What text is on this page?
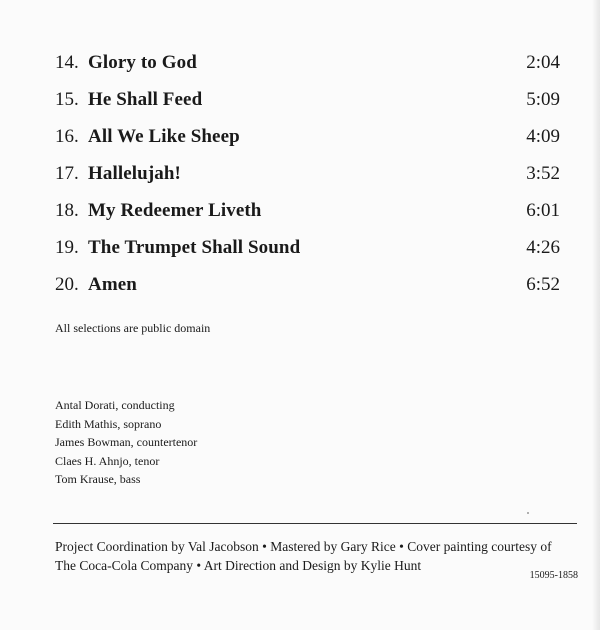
14. Glory to God	2:04
15. He Shall Feed	5:09
16. All We Like Sheep	4:09
17. Hallelujah!	3:52
18. My Redeemer Liveth	6:01
19. The Trumpet Shall Sound	4:26
20. Amen	6:52
All selections are public domain
Antal Dorati, conducting
Edith Mathis, soprano
James Bowman, countertenor
Claes H. Ahnjo, tenor
Tom Krause, bass
Project Coordination by Val Jacobson • Mastered by Gary Rice • Cover painting courtesy of
The Coca-Cola Company • Art Direction and Design by Kylie Hunt
15095-1858
